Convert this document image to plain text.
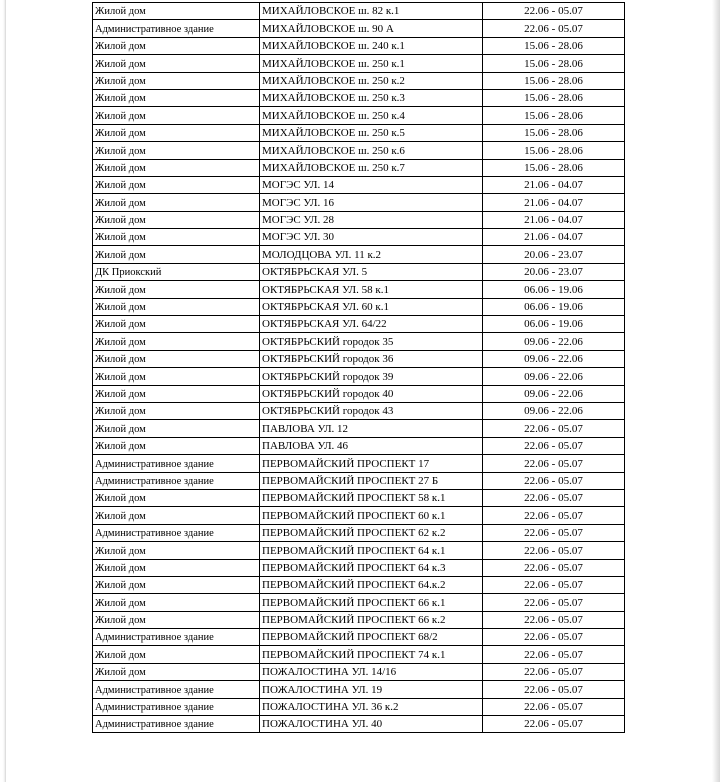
Жилой дом	МИХАЙЛОВСКОЕ ш. 82 к.1	22.06 - 05.07
Административное здание	МИХАЙЛОВСКОЕ ш. 90 А	22.06 - 05.07
Жилой дом	МИХАЙЛОВСКОЕ ш. 240 к.1	15.06 - 28.06
Жилой дом	МИХАЙЛОВСКОЕ ш. 250 к.1	15.06 - 28.06
Жилой дом	МИХАЙЛОВСКОЕ ш. 250 к.2	15.06 - 28.06
Жилой дом	МИХАЙЛОВСКОЕ ш. 250 к.3	15.06 - 28.06
Жилой дом	МИХАЙЛОВСКОЕ ш. 250 к.4	15.06 - 28.06
Жилой дом	МИХАЙЛОВСКОЕ ш. 250 к.5	15.06 - 28.06
Жилой дом	МИХАЙЛОВСКОЕ ш. 250 к.6	15.06 - 28.06
Жилой дом	МИХАЙЛОВСКОЕ ш. 250 к.7	15.06 - 28.06
Жилой дом	МОГЭС УЛ. 14	21.06 - 04.07
Жилой дом	МОГЭС УЛ. 16	21.06 - 04.07
Жилой дом	МОГЭС УЛ. 28	21.06 - 04.07
Жилой дом	МОГЭС УЛ. 30	21.06 - 04.07
Жилой дом	МОЛОДЦОВА УЛ. 11 к.2	20.06 - 23.07
ДК Приокский	ОКТЯБРЬСКАЯ УЛ. 5	20.06 - 23.07
Жилой дом	ОКТЯБРЬСКАЯ УЛ. 58 к.1	06.06 - 19.06
Жилой дом	ОКТЯБРЬСКАЯ УЛ. 60 к.1	06.06 - 19.06
Жилой дом	ОКТЯБРЬСКАЯ УЛ. 64/22	06.06 - 19.06
Жилой дом	ОКТЯБРЬСКИЙ городок 35	09.06 - 22.06
Жилой дом	ОКТЯБРЬСКИЙ городок 36	09.06 - 22.06
Жилой дом	ОКТЯБРЬСКИЙ городок 39	09.06 - 22.06
Жилой дом	ОКТЯБРЬСКИЙ городок 40	09.06 - 22.06
Жилой дом	ОКТЯБРЬСКИЙ городок 43	09.06 - 22.06
Жилой дом	ПАВЛОВА УЛ. 12	22.06 - 05.07
Жилой дом	ПАВЛОВА УЛ. 46	22.06 - 05.07
Административное здание	ПЕРВОМАЙСКИЙ ПРОСПЕКТ 17	22.06 - 05.07
Административное здание	ПЕРВОМАЙСКИЙ ПРОСПЕКТ 27 Б	22.06 - 05.07
Жилой дом	ПЕРВОМАЙСКИЙ ПРОСПЕКТ 58 к.1	22.06 - 05.07
Жилой дом	ПЕРВОМАЙСКИЙ ПРОСПЕКТ 60 к.1	22.06 - 05.07
Административное здание	ПЕРВОМАЙСКИЙ ПРОСПЕКТ 62 к.2	22.06 - 05.07
Жилой дом	ПЕРВОМАЙСКИЙ ПРОСПЕКТ 64 к.1	22.06 - 05.07
Жилой дом	ПЕРВОМАЙСКИЙ ПРОСПЕКТ 64 к.3	22.06 - 05.07
Жилой дом	ПЕРВОМАЙСКИЙ ПРОСПЕКТ 64.к.2	22.06 - 05.07
Жилой дом	ПЕРВОМАЙСКИЙ ПРОСПЕКТ 66 к.1	22.06 - 05.07
Жилой дом	ПЕРВОМАЙСКИЙ ПРОСПЕКТ 66 к.2	22.06 - 05.07
Административное здание	ПЕРВОМАЙСКИЙ ПРОСПЕКТ 68/2	22.06 - 05.07
Жилой дом	ПЕРВОМАЙСКИЙ ПРОСПЕКТ 74 к.1	22.06 - 05.07
Жилой дом	ПОЖАЛОСТИНА УЛ. 14/16	22.06 - 05.07
Административное здание	ПОЖАЛОСТИНА УЛ. 19	22.06 - 05.07
Административное здание	ПОЖАЛОСТИНА УЛ. 36 к.2	22.06 - 05.07
Административное здание	ПОЖАЛОСТИНА УЛ. 40	22.06 - 05.07
